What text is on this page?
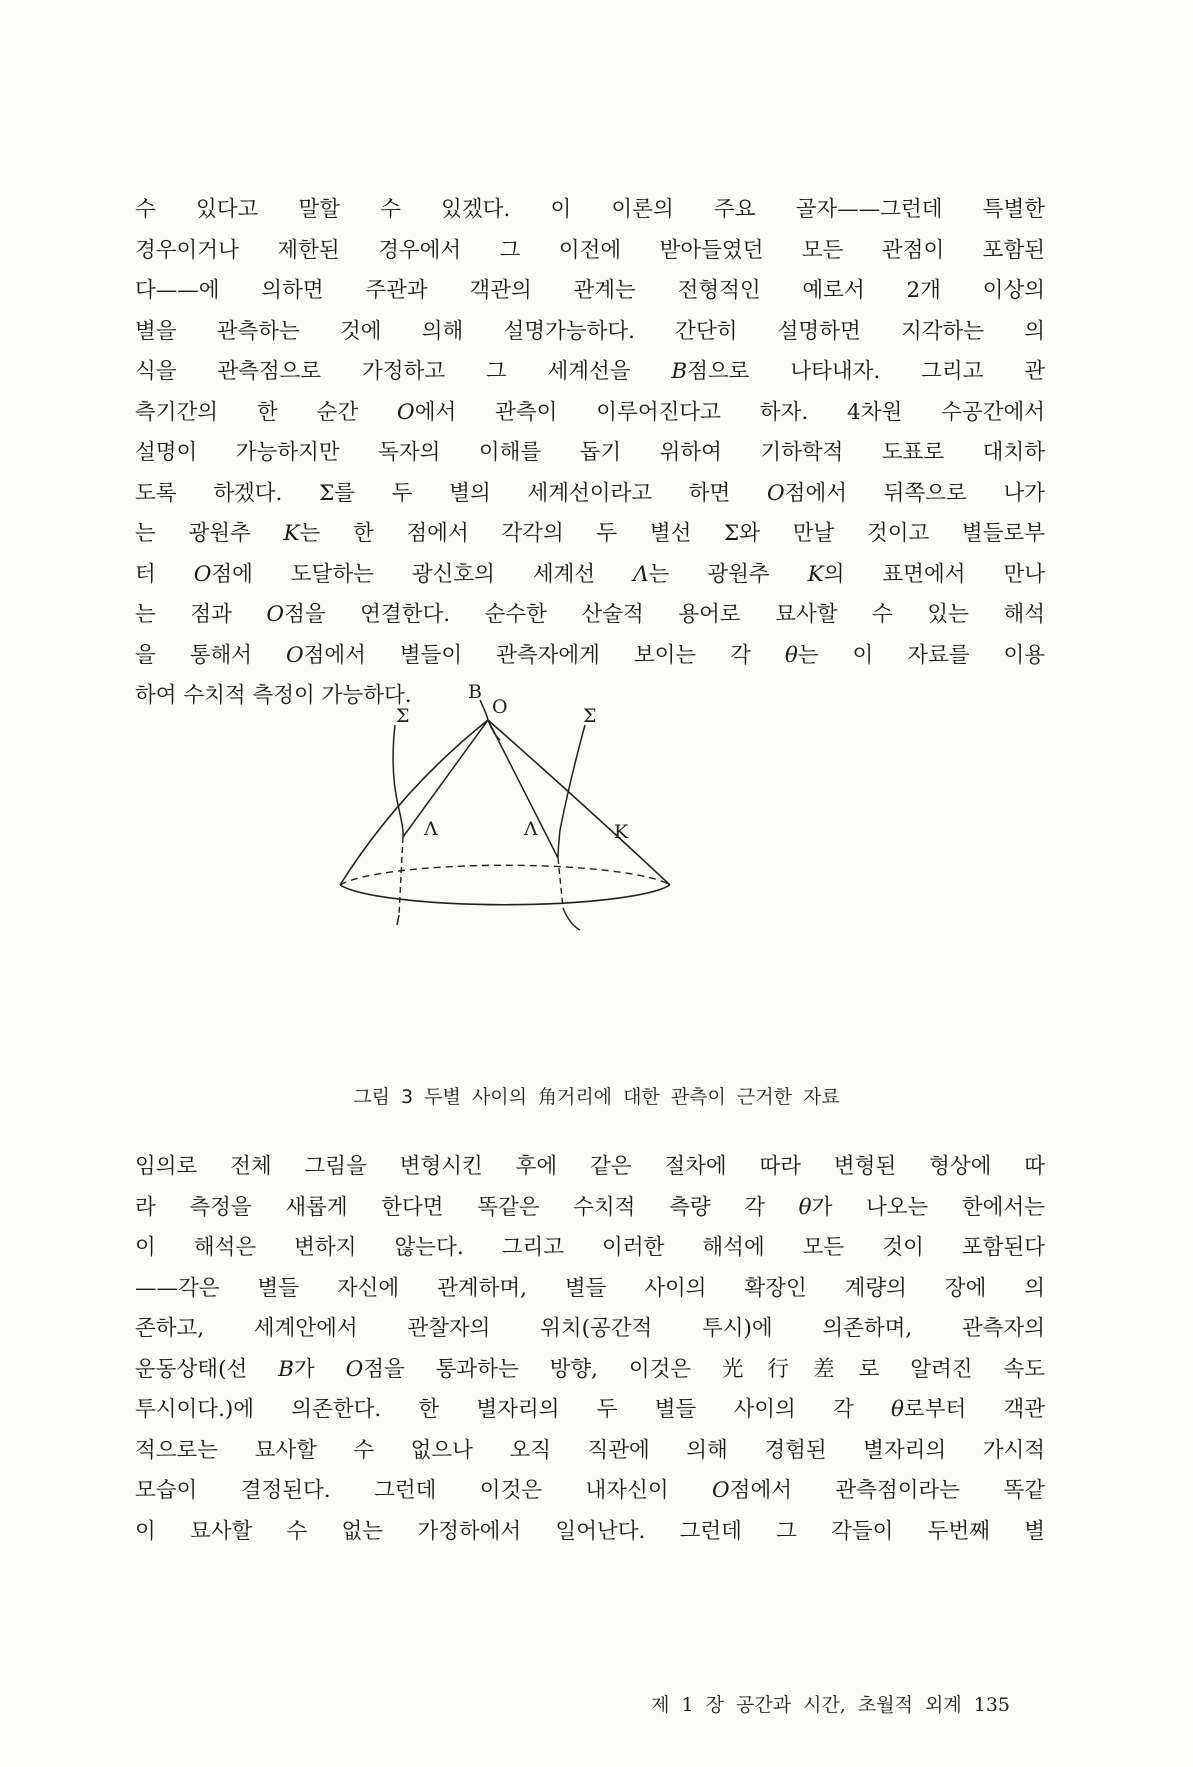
수 있다고 말할 수 있겠다. 이 이론의 주요 골자——그런데 특별한
경우이거나 제한된 경우에서 그 이전에 받아들였던 모든 관점이 포함된
다——에 의하면 주관과 객관의 관계는 전형적인 예로서 2개 이상의
별을 관측하는 것에 의해 설명가능하다. 간단히 설명하면 지각하는 의
식을 관측점으로 가정하고 그 세계선을 B점으로 나타내자. 그리고 관
측기간의 한 순간 O에서 관측이 이루어진다고 하자. 4차원 수공간에서
설명이 가능하지만 독자의 이해를 돕기 위하여 기하학적 도표로 대치하
도록 하겠다. Σ를 두 별의 세계선이라고 하면 O점에서 뒤쪽으로 나가
는 광원추 K는 한 점에서 각각의 두 별선 Σ와 만날 것이고 별들로부
터 O점에 도달하는 광신호의 세계선 Λ는 광원추 K의 표면에서 만나
는 점과 O점을 연결한다. 순수한 산술적 용어로 묘사할 수 있는 해석
을 통해서 O점에서 별들이 관측자에게 보이는 각 θ는 이 자료를 이용
하여 수치적 측정이 가능하다.	B
O
Σ	Σ
Λ	Λ	K
그림 3 두별 사이의 角거리에 대한 관측이 근거한 자료
임의로 전체 그림을 변형시킨 후에 같은 절차에 따라 변형된 형상에 따
라 측정을 새롭게 한다면 똑같은 수치적 측량 각 θ가 나오는 한에서는
이 해석은 변하지 않는다. 그리고 이러한 해석에 모든 것이 포함된다
——각은 별들 자신에 관계하며, 별들 사이의 확장인 계량의 장에 의
존하고, 세계안에서 관찰자의 위치(공간적 투시)에 의존하며, 관측자의
운동상태(선 B가 O점을 통과하는 방향, 이것은 光行差로 알려진 속도
투시이다.)에 의존한다. 한 별자리의 두 별들 사이의 각 θ로부터 객관
적으로는 묘사할 수 없으나 오직 직관에 의해 경험된 별자리의 가시적
모습이 결정된다. 그런데 이것은 내자신이 O점에서 관측점이라는 똑같
이 묘사할 수 없는 가정하에서 일어난다. 그런데 그 각들이 두번째 별
제 1 장 공간과 시간, 초월적 외계 135
